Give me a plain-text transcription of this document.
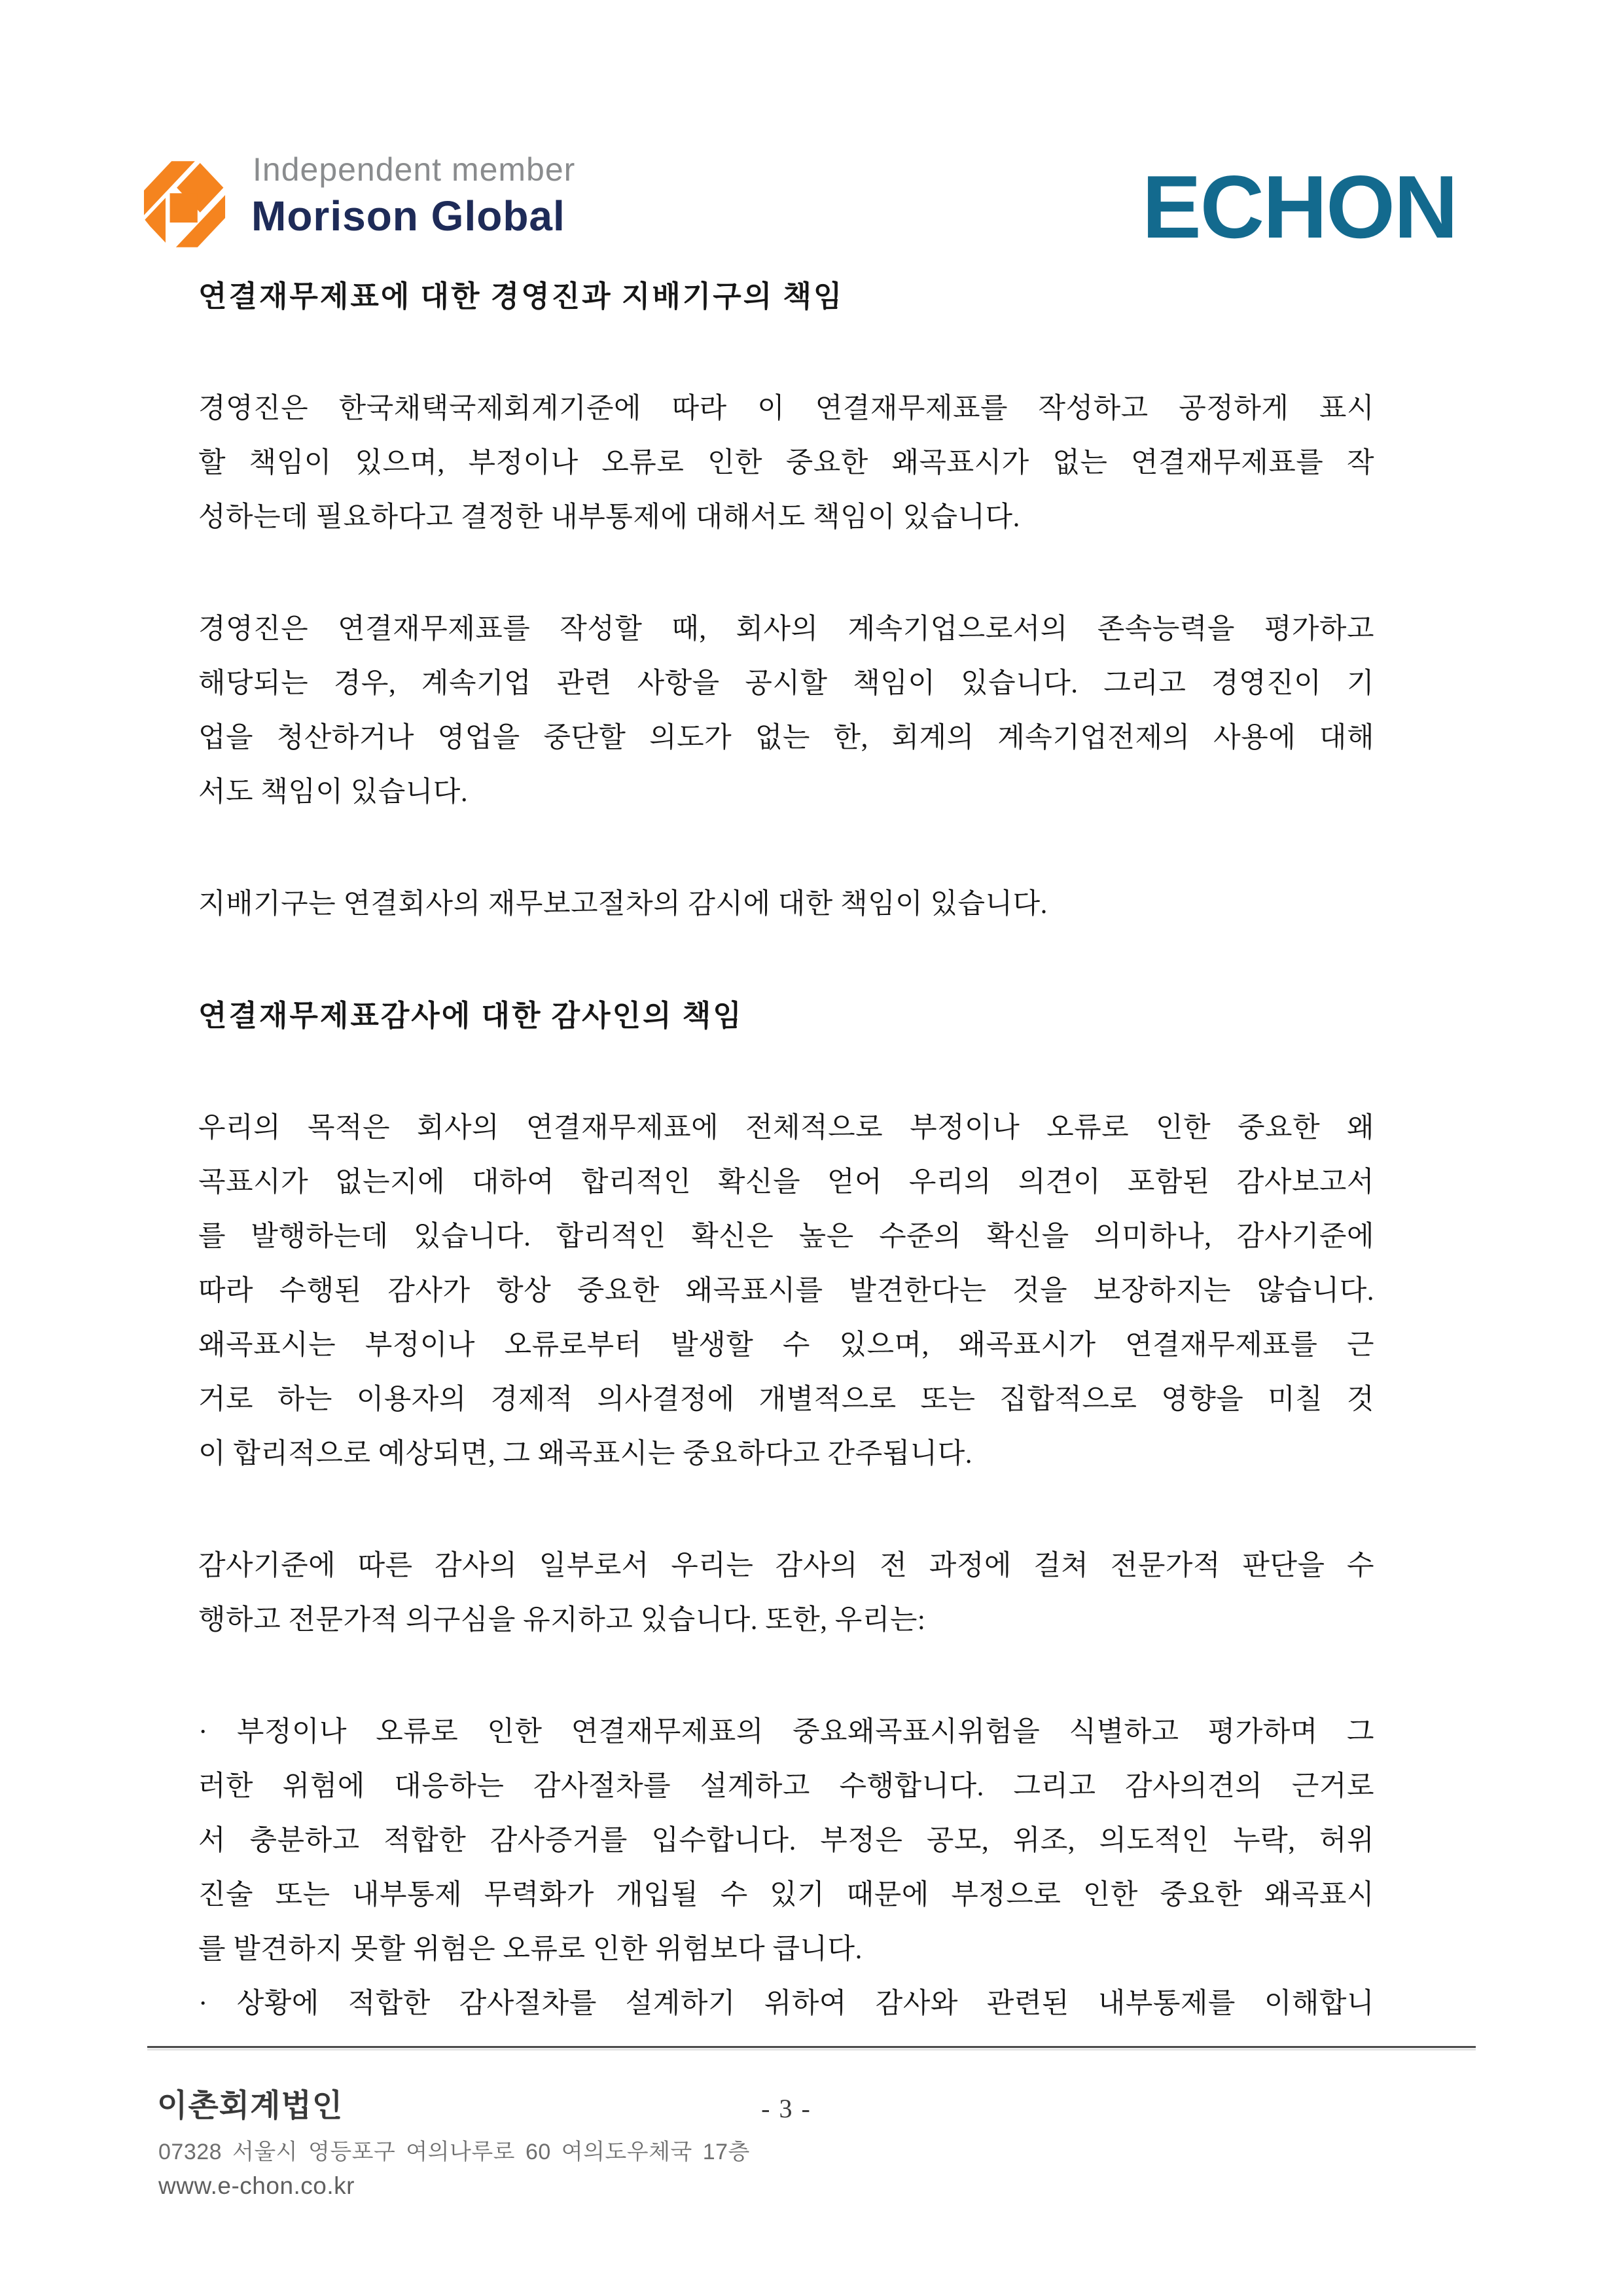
Independent member
Morison Global	ECHON
연결재무제표에 대한 경영진과 지배기구의 책임
경영진은 한국채택국제회계기준에 따라 이 연결재무제표를 작성하고 공정하게 표시
할 책임이 있으며, 부정이나 오류로 인한 중요한 왜곡표시가 없는 연결재무제표를 작
성하는데 필요하다고 결정한 내부통제에 대해서도 책임이 있습니다.
경영진은 연결재무제표를 작성할 때, 회사의 계속기업으로서의 존속능력을 평가하고
해당되는 경우, 계속기업 관련 사항을 공시할 책임이 있습니다. 그리고 경영진이 기
업을 청산하거나 영업을 중단할 의도가 없는 한, 회계의 계속기업전제의 사용에 대해
서도 책임이 있습니다.
지배기구는 연결회사의 재무보고절차의 감시에 대한 책임이 있습니다.
연결재무제표감사에 대한 감사인의 책임
우리의 목적은 회사의 연결재무제표에 전체적으로 부정이나 오류로 인한 중요한 왜
곡표시가 없는지에 대하여 합리적인 확신을 얻어 우리의 의견이 포함된 감사보고서
를 발행하는데 있습니다. 합리적인 확신은 높은 수준의 확신을 의미하나, 감사기준에
따라 수행된 감사가 항상 중요한 왜곡표시를 발견한다는 것을 보장하지는 않습니다.
왜곡표시는 부정이나 오류로부터 발생할 수 있으며, 왜곡표시가 연결재무제표를 근
거로 하는 이용자의 경제적 의사결정에 개별적으로 또는 집합적으로 영향을 미칠 것
이 합리적으로 예상되면, 그 왜곡표시는 중요하다고 간주됩니다.
감사기준에 따른 감사의 일부로서 우리는 감사의 전 과정에 걸쳐 전문가적 판단을 수
행하고 전문가적 의구심을 유지하고 있습니다. 또한, 우리는:
· 부정이나 오류로 인한 연결재무제표의 중요왜곡표시위험을 식별하고 평가하며 그
러한 위험에 대응하는 감사절차를 설계하고 수행합니다. 그리고 감사의견의 근거로
서 충분하고 적합한 감사증거를 입수합니다. 부정은 공모, 위조, 의도적인 누락, 허위
진술 또는 내부통제 무력화가 개입될 수 있기 때문에 부정으로 인한 중요한 왜곡표시
를 발견하지 못할 위험은 오류로 인한 위험보다 큽니다.
· 상황에 적합한 감사절차를 설계하기 위하여 감사와 관련된 내부통제를 이해합니
이촌회계법인	- 3 -
07328 서울시 영등포구 여의나루로 60 여의도우체국 17층
www.e-chon.co.kr
